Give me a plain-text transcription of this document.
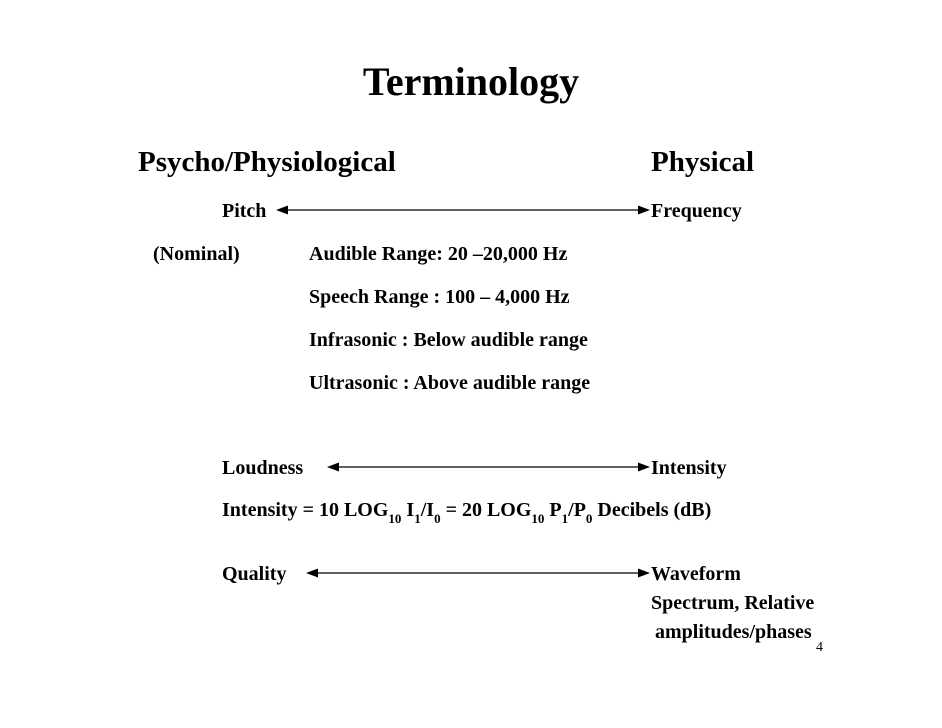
Terminology
Psycho/Physiological	Physical
Pitch	Frequency
(Nominal)	Audible Range: 20 –20,000 Hz
Speech Range : 100 – 4,000 Hz
Infrasonic : Below audible range
Ultrasonic : Above audible range
Loudness	Intensity
Intensity = 10 $LOG_{10}$ $I_1/I_0 = 20$ $LOG_{10}$ $P_1/P_0$ Decibels (dB)
Quality	Waveform
Spectrum, Relative
amplitudes/phases
4
